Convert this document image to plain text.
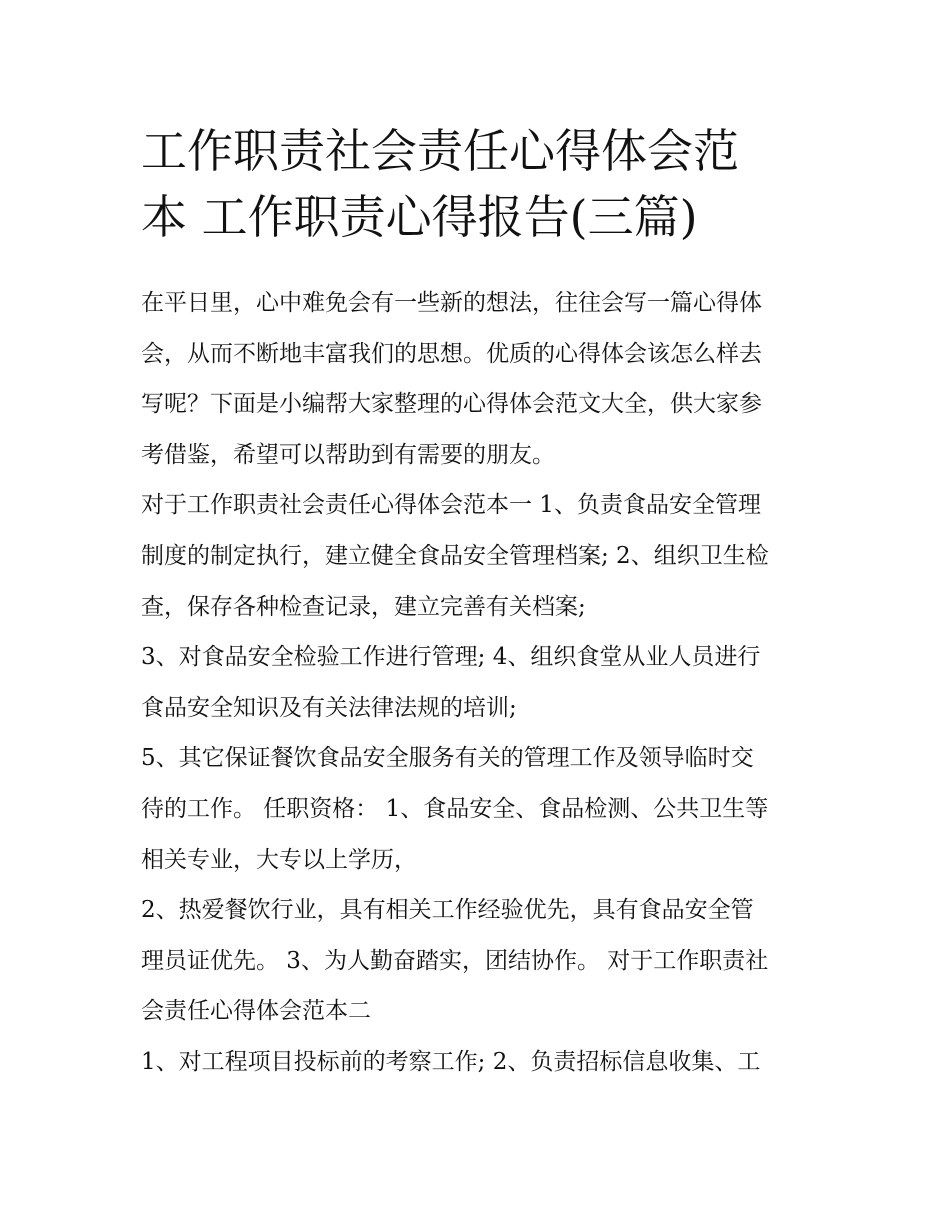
工作职责社会责任心得体会范
本 工作职责心得报告(三篇)
在平日里，心中难免会有一些新的想法，往往会写一篇心得体
会，从而不断地丰富我们的思想。优质的心得体会该怎么样去
写呢？下面是小编帮大家整理的心得体会范文大全，供大家参
考借鉴，希望可以帮助到有需要的朋友。
对于工作职责社会责任心得体会范本一 1、负责食品安全管理
制度的制定执行，建立健全食品安全管理档案; 2、组织卫生检
查，保存各种检查记录，建立完善有关档案;
3、对食品安全检验工作进行管理; 4、组织食堂从业人员进行
食品安全知识及有关法律法规的培训;
5、其它保证餐饮食品安全服务有关的管理工作及领导临时交
待的工作。 任职资格： 1、食品安全、食品检测、公共卫生等
相关专业，大专以上学历，
2、热爱餐饮行业，具有相关工作经验优先，具有食品安全管
理员证优先。 3、为人勤奋踏实，团结协作。 对于工作职责社
会责任心得体会范本二
1、对工程项目投标前的考察工作; 2、负责招标信息收集、工
